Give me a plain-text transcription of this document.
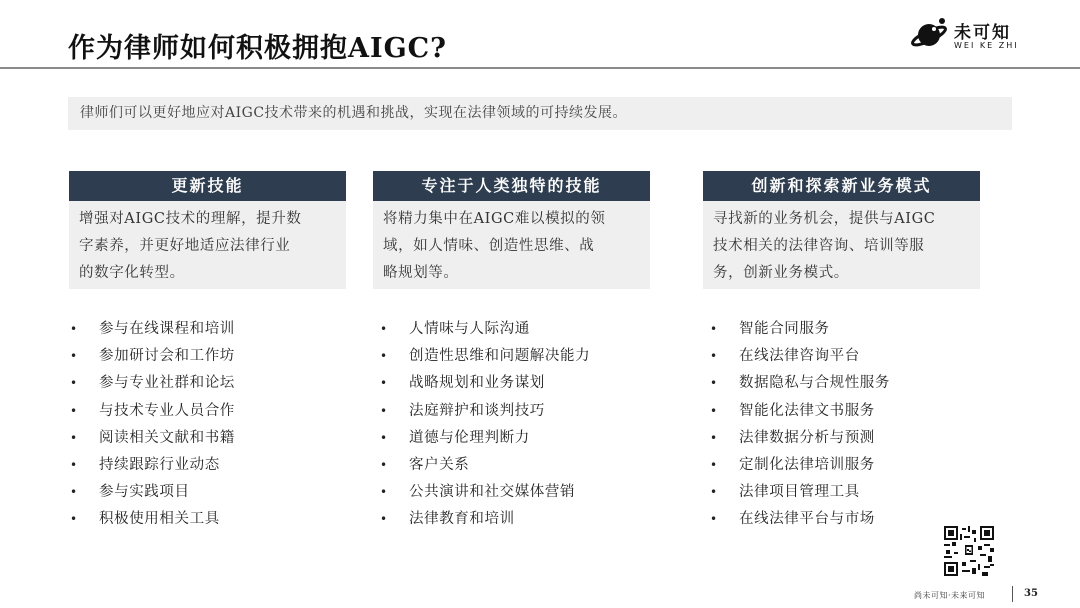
作为律师如何积极拥抱AIGC?	未可知
WEI KE ZHI
律师们可以更好地应对AIGC技术带来的机遇和挑战，实现在法律领域的可持续发展。
更新技能
增强对AIGC技术的理解，提升数
字素养，并更好地适应法律行业
的数字化转型。
专注于人类独特的技能
将精力集中在AIGC难以模拟的领
域，如人情味、创造性思维、战
略规划等。
创新和探索新业务模式
寻找新的业务机会，提供与AIGC
技术相关的法律咨询、培训等服
务，创新业务模式。
• 参与在线课程和培训
• 参加研讨会和工作坊
• 参与专业社群和论坛
• 与技术专业人员合作
• 阅读相关文献和书籍
• 持续跟踪行业动态
• 参与实践项目
• 积极使用相关工具
• 人情味与人际沟通
• 创造性思维和问题解决能力
• 战略规划和业务谋划
• 法庭辩护和谈判技巧
• 道德与伦理判断力
• 客户关系
• 公共演讲和社交媒体营销
• 法律教育和培训
• 智能合同服务
• 在线法律咨询平台
• 数据隐私与合规性服务
• 智能化法律文书服务
• 法律数据分析与预测
• 定制化法律培训服务
• 法律项目管理工具
• 在线法律平台与市场
尚未可知·未来可知	35
